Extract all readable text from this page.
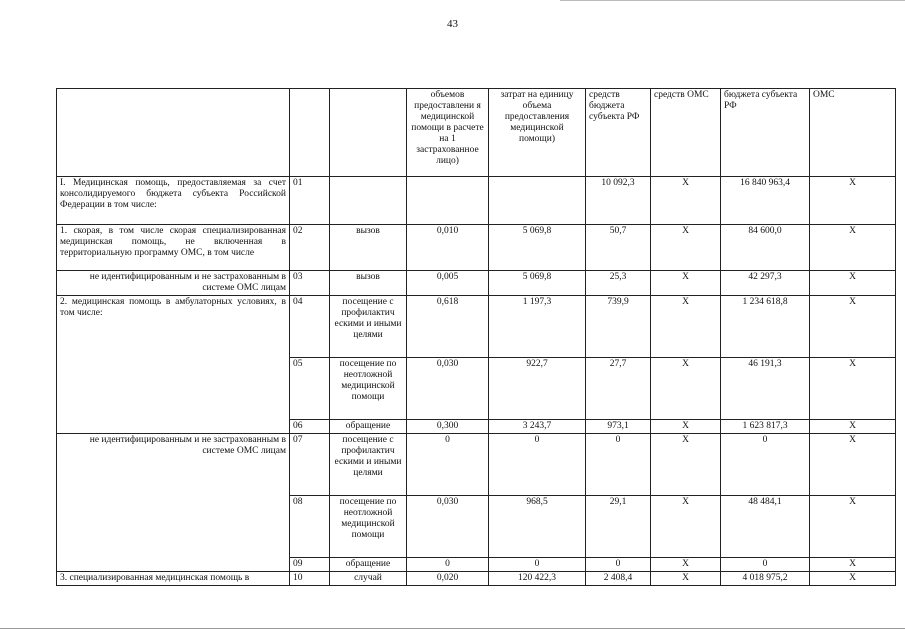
43
			объемов предоставлени я медицинской помощи в расчете на 1 застрахованное лицо)	затрат на единицу объема предоставления медицинской помощи)	средств бюджета субъекта РФ	средств ОМС	бюджета субъекта РФ	ОМС
I. Медицинская помощь, предоставляемая за счет консолидируемого бюджета субъекта Российской Федерации в том числе:	01				10 092,3	X	16 840 963,4	X
1. скорая, в том числе скорая специализированная медицинская помощь, не включенная в территориальную программу ОМС, в том числе	02	вызов	0,010	5 069,8	50,7	X	84 600,0	X
не идентифицированным и не застрахованным в системе ОМС лицам	03	вызов	0,005	5 069,8	25,3	X	42 297,3	X
2. медицинская помощь в амбулаторных условиях, в том числе:	04	посещение с профилактич ескими и иными целями	0,618	1 197,3	739,9	X	1 234 618,8	X
	05	посещение по неотложной медицинской помощи	0,030	922,7	27,7	X	46 191,3	X
	06	обращение	0,300	3 243,7	973,1	X	1 623 817,3	X
не идентифицированным и не застрахованным в системе ОМС лицам	07	посещение с профилактич ескими и иными целями	0	0	0	X	0	X
	08	посещение по неотложной медицинской помощи	0,030	968,5	29,1	X	48 484,1	X
	09	обращение	0	0	0	X	0	X
3. специализированная медицинская помощь в	10	случай	0,020	120 422,3	2 408,4	X	4 018 975,2	X
